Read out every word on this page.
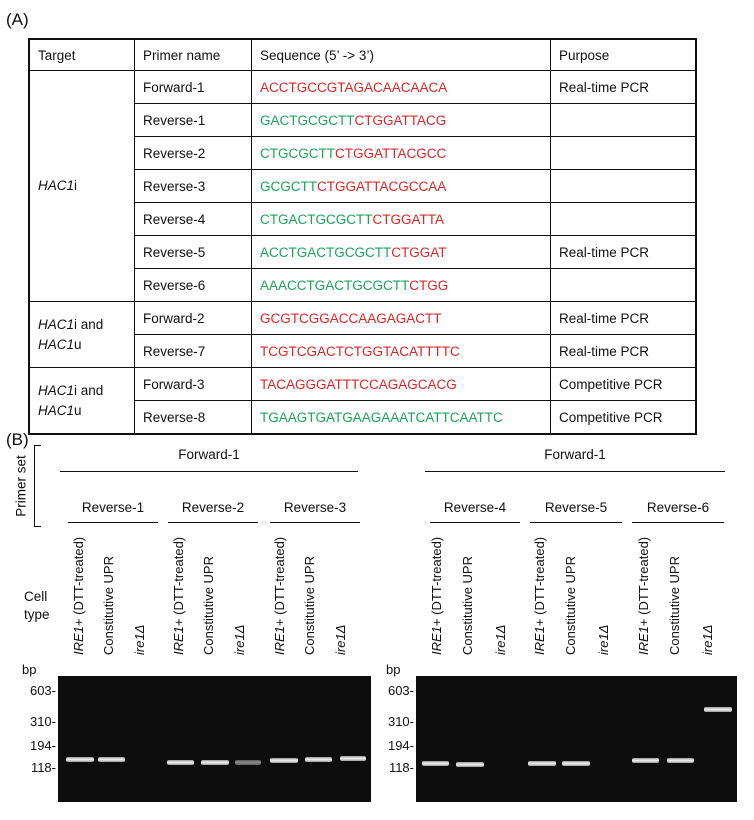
(A)
Target	Primer name	Sequence (5’ -> 3’)	Purpose
HAC1i	Forward-1	ACCTGCCGTAGACAACAACA	Real-time PCR
	Reverse-1	GACTGCGCTTCTGGATTACG	
	Reverse-2	CTGCGCTTCTGGATTACGCC	
	Reverse-3	GCGCTTCTGGATTACGCCAA	
	Reverse-4	CTGACTGCGCTTCTGGATTA	
	Reverse-5	ACCTGACTGCGCTTCTGGAT	Real-time PCR
	Reverse-6	AAACCTGACTGCGCTTCTGG	
HAC1i and
HAC1u	Forward-2	GCGTCGGACCAAGAGACTT	Real-time PCR
	Reverse-7	TCGTCGACTCTGGTACATTTTC	Real-time PCR
HAC1i and
HAC1u	Forward-3	TACAGGGATTTCCAGAGCACG	Competitive PCR
	Reverse-8	TGAAGTGATGAAGAAATCATTCAATTC	Competitive PCR
(B)
Primer set
Forward-1	Forward-1
Reverse-1	Reverse-2	Reverse-3	Reverse-4	Reverse-5	Reverse-6
Cell
type
IRE1+ (DTT-treated) Constitutive UPR ire1Δ IRE1+ (DTT-treated) Constitutive UPR ire1Δ IRE1+ (DTT-treated) Constitutive UPR ire1Δ	IRE1+ (DTT-treated) Constitutive UPR ire1Δ IRE1+ (DTT-treated) Constitutive UPR ire1Δ IRE1+ (DTT-treated) Constitutive UPR ire1Δ
bp	bp
603-
310-
194-
118-
603-
310-
194-
118-
